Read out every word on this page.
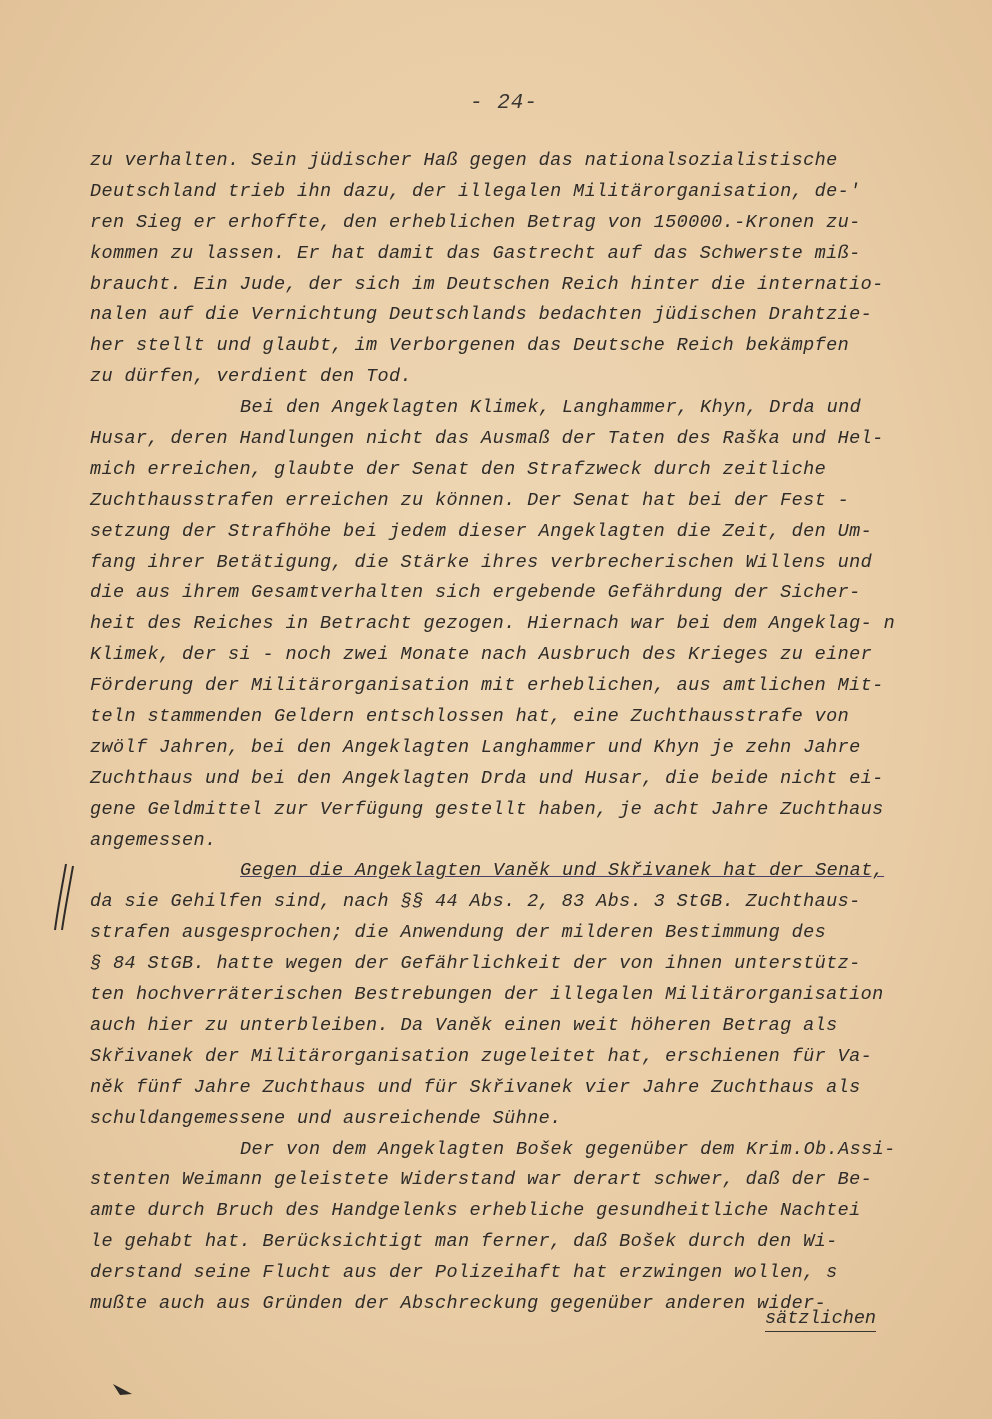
- 24-
zu verhalten. Sein jüdischer Haß gegen das nationalsozialistische
Deutschland trieb ihn dazu, der illegalen Militärorganisation, de-'
ren Sieg er erhoffte, den erheblichen Betrag von 150000.-Kronen zu-
kommen zu lassen. Er hat damit das Gastrecht auf das Schwerste miß-
braucht. Ein Jude, der sich im Deutschen Reich hinter die internatio-
nalen auf die Vernichtung Deutschlands bedachten jüdischen Drahtzie-
her stellt und glaubt, im Verborgenen das Deutsche Reich bekämpfen
zu dürfen, verdient den Tod.
Bei den Angeklagten Klimek, Langhammer, Khyn, Drda und
Husar, deren Handlungen nicht das Ausmaß der Taten des Raška und Hel-
mich erreichen, glaubte der Senat den Strafzweck durch zeitliche
Zuchthausstrafen erreichen zu können. Der Senat hat bei der Fest -
setzung der Strafhöhe bei jedem dieser Angeklagten die Zeit, den Um-
fang ihrer Betätigung, die Stärke ihres verbrecherischen Willens und
die aus ihrem Gesamtverhalten sich ergebende Gefährdung der Sicher-
heit des Reiches in Betracht gezogen. Hiernach war bei dem Angeklag- n
Klimek, der si - noch zwei Monate nach Ausbruch des Krieges zu einer
Förderung der Militärorganisation mit erheblichen, aus amtlichen Mit-
teln stammenden Geldern entschlossen hat, eine Zuchthausstrafe von
zwölf Jahren, bei den Angeklagten Langhammer und Khyn je zehn Jahre
Zuchthaus und bei den Angeklagten Drda und Husar, die beide nicht ei-
gene Geldmittel zur Verfügung gestellt haben, je acht Jahre Zuchthaus
angemessen.
Gegen die Angeklagten Vaněk und Skřivanek hat der Senat,
da sie Gehilfen sind, nach §§ 44 Abs. 2, 83 Abs. 3 StGB. Zuchthaus-
strafen ausgesprochen; die Anwendung der milderen Bestimmung des
§ 84 StGB. hatte wegen der Gefährlichkeit der von ihnen unterstütz-
ten hochverräterischen Bestrebungen der illegalen Militärorganisation
auch hier zu unterbleiben. Da Vaněk einen weit höheren Betrag als
Skřivanek der Militärorganisation zugeleitet hat, erschienen für Va-
něk fünf Jahre Zuchthaus und für Skřivanek vier Jahre Zuchthaus als
schuldangemessene und ausreichende Sühne.
Der von dem Angeklagten Bošek gegenüber dem Krim.Ob.Assi-
stenten Weimann geleistete Widerstand war derart schwer, daß der Be-
amte durch Bruch des Handgelenks erhebliche gesundheitliche Nachtei
le gehabt hat. Berücksichtigt man ferner, daß Bošek durch den Wi-
derstand seine Flucht aus der Polizeihaft hat erzwingen wollen, s
mußte auch aus Gründen der Abschreckung gegenüber anderen wider-
sätzlichen
